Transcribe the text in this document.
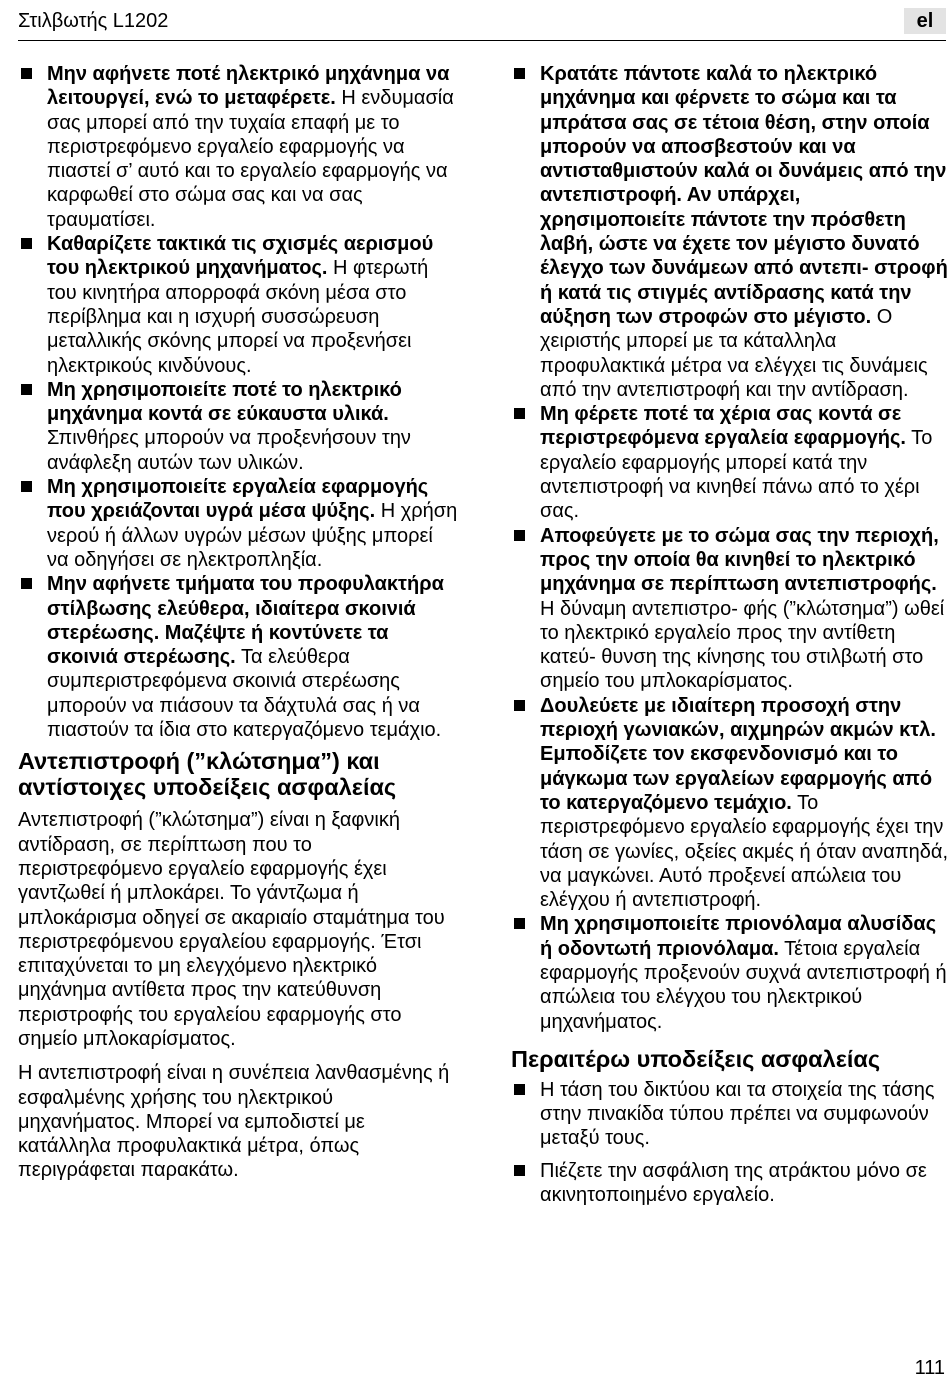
Στιλβωτής L1202	el
Μην αφήνετε ποτέ ηλεκτρικό μηχάνημα να λειτουργεί, ενώ το μεταφέρετε. Η ενδυμασία σας μπορεί από την τυχαία επαφή με το περιστρεφόμενο εργαλείο εφαρμογής να πιαστεί σ’ αυτό και το εργαλείο εφαρμογής να καρφωθεί στο σώμα σας και να σας τραυματίσει.
Καθαρίζετε τακτικά τις σχισμές αερισμού του ηλεκτρικού μηχανήματος. Η φτερωτή του κινητήρα απορροφά σκόνη μέσα στο περίβλημα και η ισχυρή συσσώρευση μεταλλικής σκόνης μπορεί να προξενήσει ηλεκτρικούς κινδύνους.
Μη χρησιμοποιείτε ποτέ το ηλεκτρικό μηχάνημα κοντά σε εύκαυστα υλικά. Σπινθήρες μπορούν να προξενήσουν την ανάφλεξη αυτών των υλικών.
Μη χρησιμοποιείτε εργαλεία εφαρμογής που χρειάζονται υγρά μέσα ψύξης. Η χρήση νερού ή άλλων υγρών μέσων ψύξης μπορεί να οδηγήσει σε ηλεκτροπληξία.
Μην αφήνετε τμήματα του προφυλακτήρα στίλβωσης ελεύθερα, ιδιαίτερα σκοινιά στερέωσης. Μαζέψτε ή κοντύνετε τα σκοινιά στερέωσης. Τα ελεύθερα συμπεριστρεφόμενα σκοινιά στερέωσης μπορούν να πιάσουν τα δάχτυλά σας ή να πιαστούν τα ίδια στο κατεργαζόμενο τεμάχιο.
Αντεπιστροφή (”κλώτσημα”) και αντίστοιχες υποδείξεις ασφαλείας

Αντεπιστροφή (”κλώτσημα”) είναι η ξαφνική αντίδραση, σε περίπτωση που το περιστρεφόμενο εργαλείο εφαρμογής έχει γαντζωθεί ή μπλοκάρει. Το γάντζωμα ή μπλοκάρισμα οδηγεί σε ακαριαίο σταμάτημα του περιστρεφόμενου εργαλείου εφαρμογής. Έτσι επιταχύνεται το μη ελεγχόμενο ηλεκτρικό μηχάνημα αντίθετα προς την κατεύθυνση περιστροφής του εργαλείου εφαρμογής στο σημείο μπλοκαρίσματος.

Η αντεπιστροφή είναι η συνέπεια λανθασμένης ή εσφαλμένης χρήσης του ηλεκτρικού μηχανήματος. Μπορεί να εμποδιστεί με κατάλληλα προφυλακτικά μέτρα, όπως περιγράφεται παρακάτω.

Κρατάτε πάντοτε καλά το ηλεκτρικό μηχάνημα και φέρνετε το σώμα και τα μπράτσα σας σε τέτοια θέση, στην οποία μπορούν να αποσβεστούν και να αντισταθμιστούν καλά οι δυνάμεις από την αντεπιστροφή. Αν υπάρχει, χρησιμοποιείτε πάντοτε την πρόσθετη λαβή, ώστε να έχετε τον μέγιστο δυνατό έλεγχο των δυνάμεων από αντεπι- στροφή ή κατά τις στιγμές αντίδρασης κατά την αύξηση των στροφών στο μέγιστο. Ο χειριστής μπορεί με τα κάταλληλα προφυλακτικά μέτρα να ελέγχει τις δυνάμεις από την αντεπιστροφή και την αντίδραση.
Μη φέρετε ποτέ τα χέρια σας κοντά σε περιστρεφόμενα εργαλεία εφαρμογής. Το εργαλείο εφαρμογής μπορεί κατά την αντεπιστροφή να κινηθεί πάνω από το χέρι σας.
Αποφεύγετε με το σώμα σας την περιοχή, προς την οποία θα κινηθεί το ηλεκτρικό μηχάνημα σε περίπτωση αντεπιστροφής. Η δύναμη αντεπιστρο- φής (”κλώτσημα”) ωθεί το ηλεκτρικό εργαλείο προς την αντίθετη κατεύ- θυνση της κίνησης του στιλβωτή στο σημείο του μπλοκαρίσματος.
Δουλεύετε με ιδιαίτερη προσοχή στην περιοχή γωνιακών, αιχμηρών ακμών κτλ. Εμποδίζετε τον εκσφενδονισμό και το μάγκωμα των εργαλείων εφαρμογής από το κατεργαζόμενο τεμάχιο. Το περιστρεφόμενο εργαλείο εφαρμογής έχει την τάση σε γωνίες, οξείες ακμές ή όταν αναπηδά, να μαγκώνει. Αυτό προξενεί απώλεια του ελέγχου ή αντεπιστροφή.
Μη χρησιμοποιείτε πριονόλαμα αλυσίδας ή οδοντωτή πριονόλαμα. Τέτοια εργαλεία εφαρμογής προξενούν συχνά αντεπιστροφή ή απώλεια του ελέγχου του ηλεκτρικού μηχανήματος.
Περαιτέρω υποδείξεις ασφαλείας
Η τάση του δικτύου και τα στοιχεία της τάσης στην πινακίδα τύπου πρέπει να συμφωνούν μεταξύ τους.
Πιέζετε την ασφάλιση της ατράκτου μόνο σε ακινητοποιημένο εργαλείο.
111
